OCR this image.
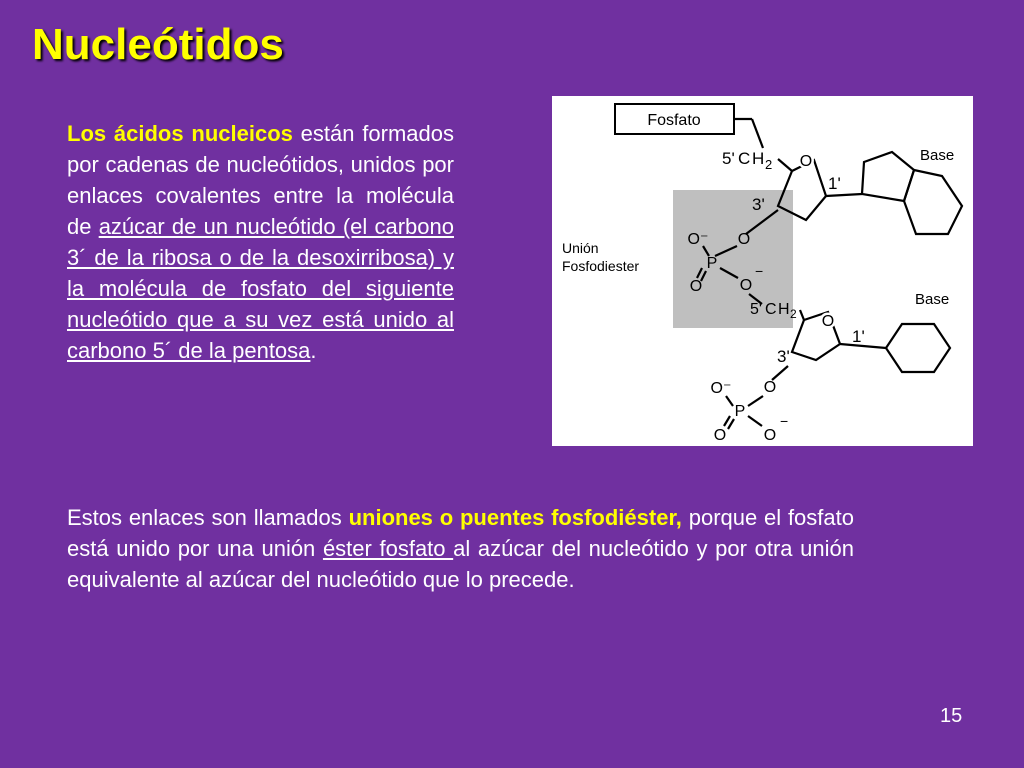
Nucleótidos
Los ácidos nucleicos están formados por cadenas de nucleótidos, unidos por enlaces covalentes entre la molécula de azúcar de un nucleótido (el carbono 3´ de la ribosa o de la desoxirribosa) y la molécula de fosfato del siguiente nucleótido que a su vez está unido al carbono 5´ de la pentosa.
Fosfato
5' C H 2 O
1'
3'
Base
Unión
Fosfodiester
O
O⁻
P
O O
−
5' C H 2 O
1'
3'
Base
O
O⁻
P
O O
−
Estos enlaces son llamados uniones o puentes fosfodiéster, porque el fosfato está unido por una unión éster fosfato al azúcar del nucleótido y por otra unión equivalente al azúcar del nucleótido que lo precede.
15
